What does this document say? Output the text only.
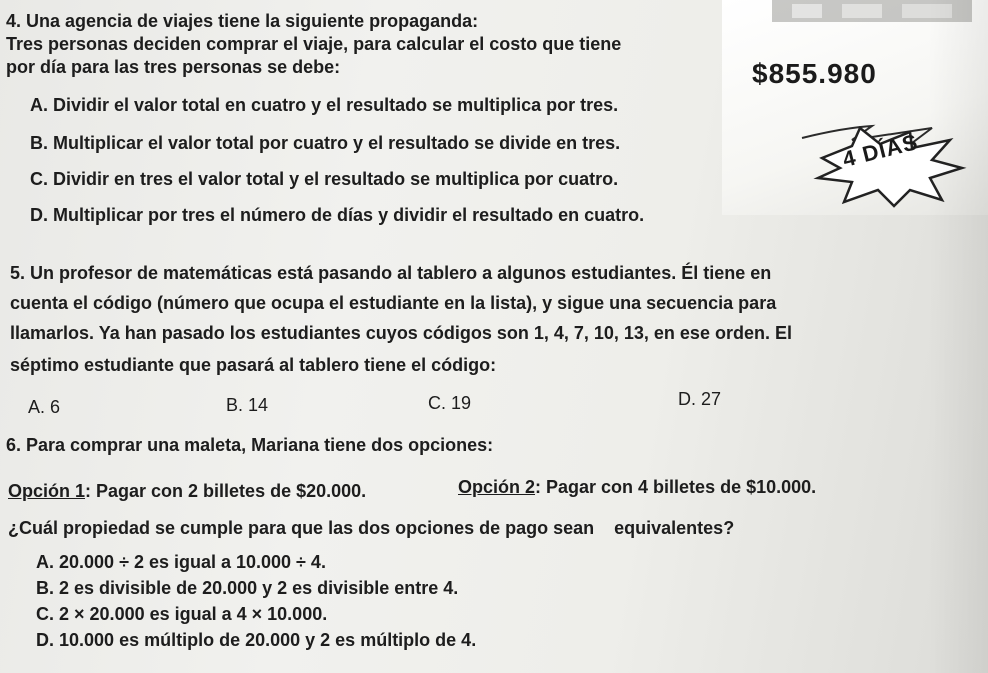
4. Una agencia de viajes tiene la siguiente propaganda:
Tres personas deciden comprar el viaje, para calcular el costo que tiene
por día para las tres personas se debe:
A. Dividir el valor total en cuatro y el resultado se multiplica por tres.
B. Multiplicar el valor total por cuatro y el resultado se divide en tres.
C. Dividir en tres el valor total y el resultado se multiplica por cuatro.
D. Multiplicar por tres el número de días y dividir el resultado en cuatro.
$855.980
4 DÍAS
5. Un profesor de matemáticas está pasando al tablero a algunos estudiantes. Él tiene en
cuenta el código (número que ocupa el estudiante en la lista), y sigue una secuencia para
llamarlos. Ya han pasado los estudiantes cuyos códigos son 1, 4, 7, 10, 13, en ese orden. El
séptimo estudiante que pasará al tablero tiene el código:
A. 6	B. 14	C. 19	D. 27
6. Para comprar una maleta, Mariana tiene dos opciones:
Opción 1: Pagar con 2 billetes de $20.000.	Opción 2: Pagar con 4 billetes de $10.000.
¿Cuál propiedad se cumple para que las dos opciones de pago sean    equivalentes?
A. 20.000 ÷ 2 es igual a 10.000 ÷ 4.
B. 2 es divisible de 20.000 y 2 es divisible entre 4.
C. 2 × 20.000 es igual a 4 × 10.000.
D. 10.000 es múltiplo de 20.000 y 2 es múltiplo de 4.
